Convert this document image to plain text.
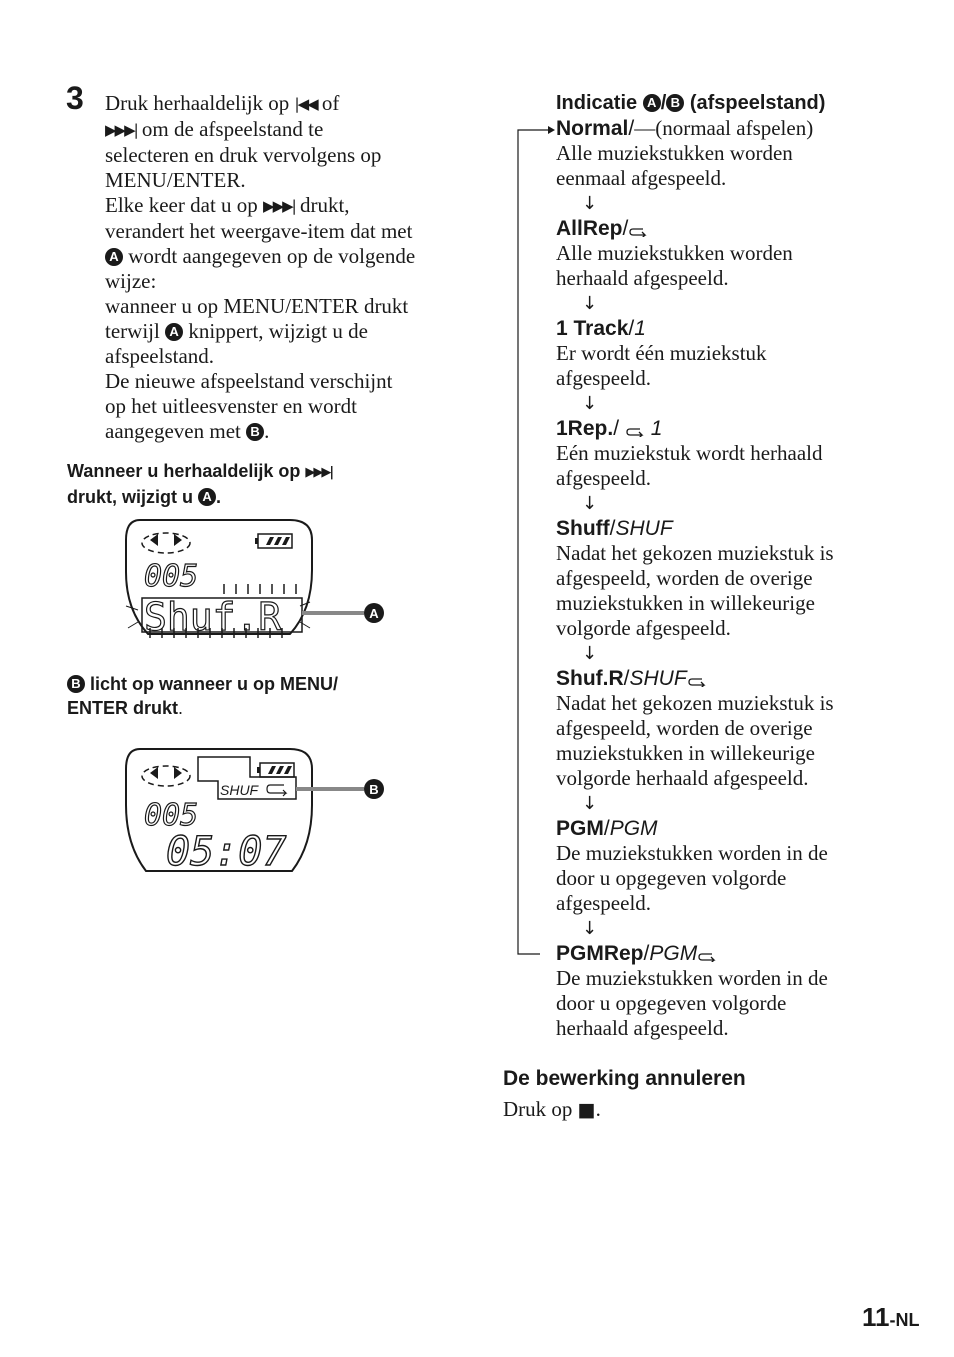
3 Druk herhaaldelijk op |◀◀ of
▶▶▶| om de afspeelstand te
selecteren en druk vervolgens op
MENU/ENTER.
Elke keer dat u op ▶▶▶| drukt,
verandert het weergave-item dat met
A wordt aangegeven op de volgende
wijze:
wanneer u op MENU/ENTER drukt
terwijl A knippert, wijzigt u de
afspeelstand.
De nieuwe afspeelstand verschijnt
op het uitleesvenster en wordt
aangegeven met B .
Wanneer u herhaaldelijk op ▶▶▶|
drukt, wijzigt u A .
005
Shuf.R	A
B licht op wanneer u op MENU/
ENTER drukt.
SHUF
005
05:07
B
Indicatie A / B (afspeelstand)
Normal/—(normaal afspelen)
Alle muziekstukken worden
eenmaal afgespeeld.
↓
AllRep/
Alle muziekstukken worden
herhaald afgespeeld.
↓
1 Track/1
Er wordt één muziekstuk
afgespeeld.
↓
1Rep./  1
Eén muziekstuk wordt herhaald
afgespeeld.
↓
Shuff/SHUF
Nadat het gekozen muziekstuk is
afgespeeld, worden de overige
muziekstukken in willekeurige
volgorde afgespeeld.
↓
Shuf.R/SHUF
Nadat het gekozen muziekstuk is
afgespeeld, worden de overige
muziekstukken in willekeurige
volgorde herhaald afgespeeld.
↓
PGM/PGM
De muziekstukken worden in de
door u opgegeven volgorde
afgespeeld.
↓
PGMRep/PGM
De muziekstukken worden in de
door u opgegeven volgorde
herhaald afgespeeld.
De bewerking annuleren
Druk op ■.
11-NL
